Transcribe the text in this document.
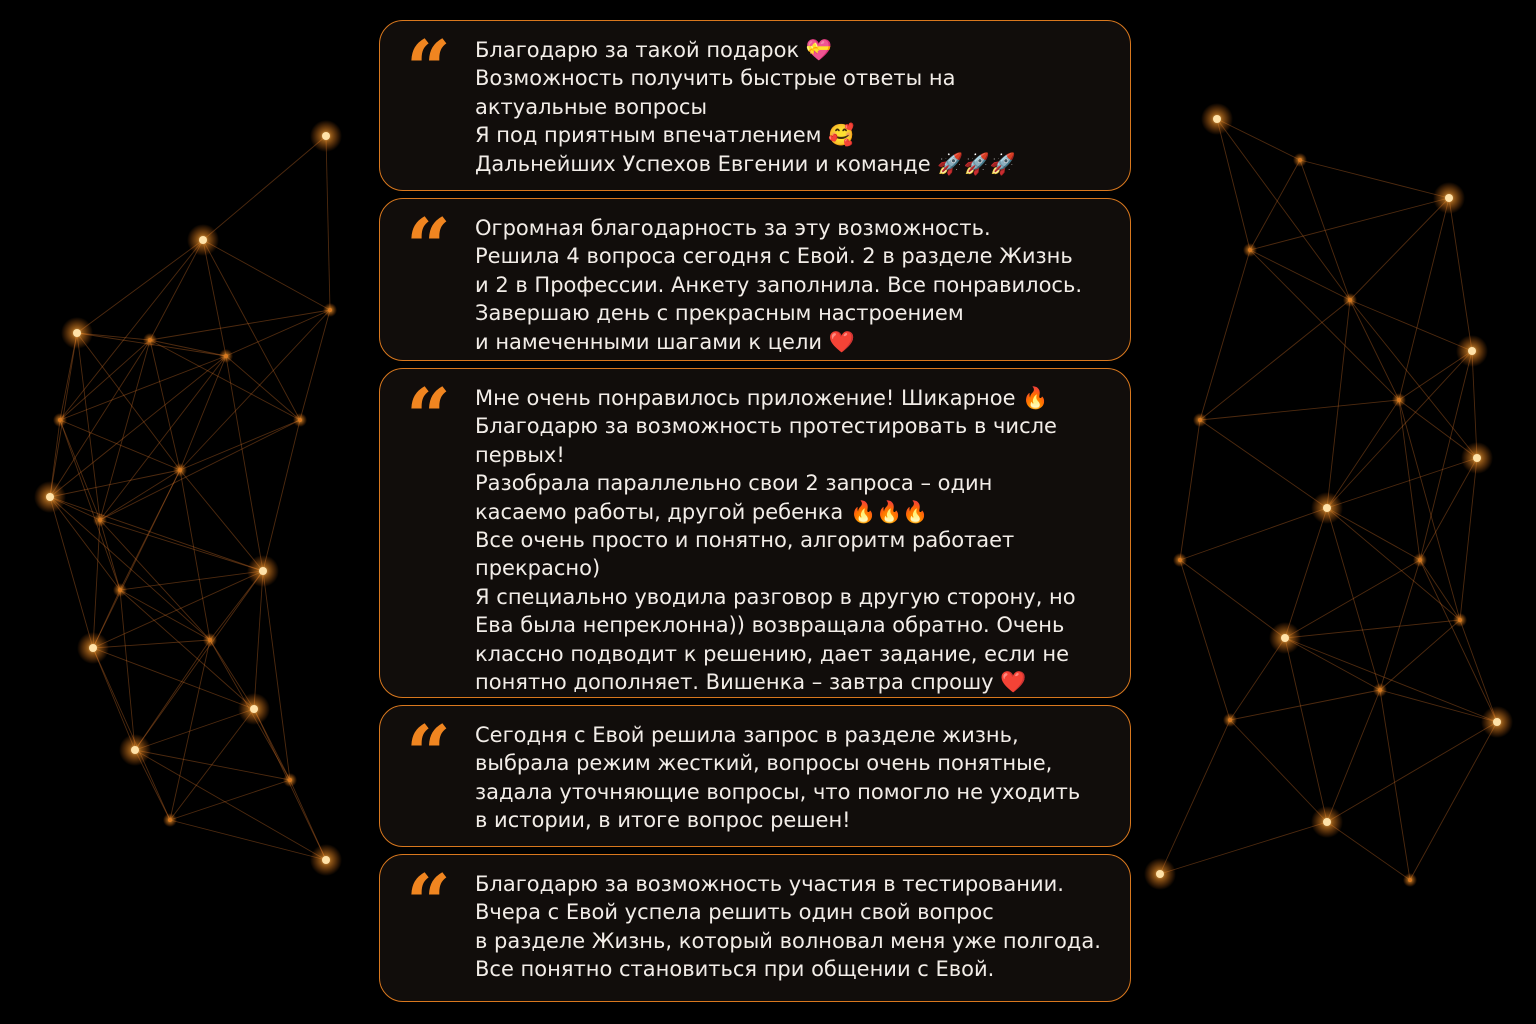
“ Благодарю за такой подарок 💝
Возможность получить быстрые ответы на
актуальные вопросы
Я под приятным впечатлением 🥰
Дальнейших Успехов Евгении и команде 🚀🚀🚀
“ Огромная благодарность за эту возможность.
Решила 4 вопроса сегодня с Евой. 2 в разделе Жизнь
и 2 в Профессии. Анкету заполнила. Все понравилось.
Завершаю день с прекрасным настроением
и намеченными шагами к цели ❤️
“ Мне очень понравилось приложение! Шикарное 🔥
Благодарю за возможность протестировать в числе
первых!
Разобрала параллельно свои 2 запроса – один
касаемо работы, другой ребенка 🔥🔥🔥
Все очень просто и понятно, алгоритм работает
прекрасно)
Я специально уводила разговор в другую сторону, но
Ева была непреклонна)) возвращала обратно. Очень
классно подводит к решению, дает задание, если не
понятно дополняет. Вишенка – завтра спрошу ❤️
“ Сегодня с Евой решила запрос в разделе жизнь,
выбрала режим жесткий, вопросы очень понятные,
задала уточняющие вопросы, что помогло не уходить
в истории, в итоге вопрос решен!
“ Благодарю за возможность участия в тестировании.
Вчера с Евой успела решить один свой вопрос
в разделе Жизнь, который волновал меня уже полгода.
Все понятно становиться при общении с Евой.
